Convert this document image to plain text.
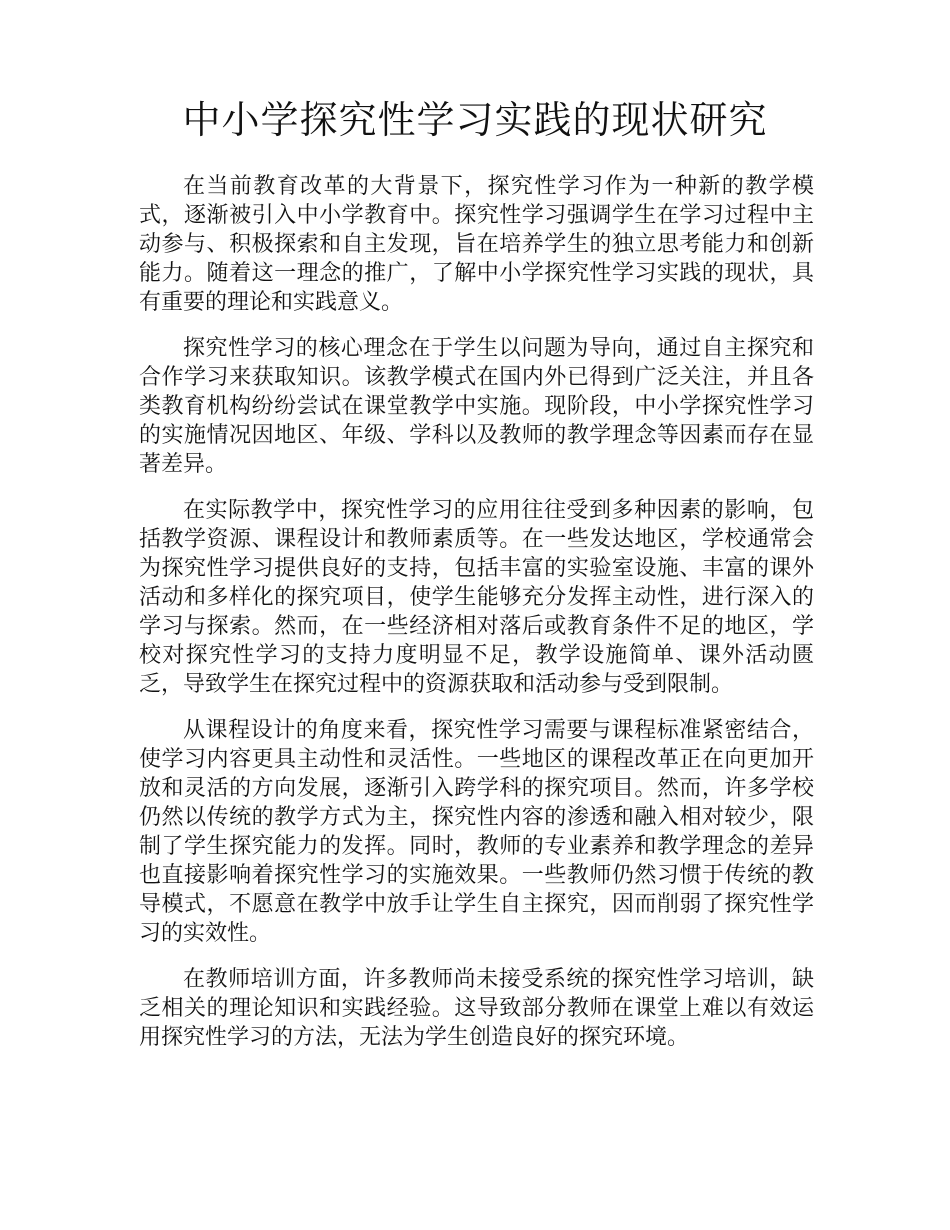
中小学探究性学习实践的现状研究

在当前教育改革的大背景下，探究性学习作为一种新的教学模式，逐渐被引入中小学教育中。探究性学习强调学生在学习过程中主动参与、积极探索和自主发现，旨在培养学生的独立思考能力和创新能力。随着这一理念的推广，了解中小学探究性学习实践的现状，具有重要的理论和实践意义。

探究性学习的核心理念在于学生以问题为导向，通过自主探究和合作学习来获取知识。该教学模式在国内外已得到广泛关注，并且各类教育机构纷纷尝试在课堂教学中实施。现阶段，中小学探究性学习的实施情况因地区、年级、学科以及教师的教学理念等因素而存在显著差异。

在实际教学中，探究性学习的应用往往受到多种因素的影响，包括教学资源、课程设计和教师素质等。在一些发达地区，学校通常会为探究性学习提供良好的支持，包括丰富的实验室设施、丰富的课外活动和多样化的探究项目，使学生能够充分发挥主动性，进行深入的学习与探索。然而，在一些经济相对落后或教育条件不足的地区，学校对探究性学习的支持力度明显不足，教学设施简单、课外活动匮乏，导致学生在探究过程中的资源获取和活动参与受到限制。

从课程设计的角度来看，探究性学习需要与课程标准紧密结合，使学习内容更具主动性和灵活性。一些地区的课程改革正在向更加开放和灵活的方向发展，逐渐引入跨学科的探究项目。然而，许多学校仍然以传统的教学方式为主，探究性内容的渗透和融入相对较少，限制了学生探究能力的发挥。同时，教师的专业素养和教学理念的差异也直接影响着探究性学习的实施效果。一些教师仍然习惯于传统的教导模式，不愿意在教学中放手让学生自主探究，因而削弱了探究性学习的实效性。

在教师培训方面，许多教师尚未接受系统的探究性学习培训，缺乏相关的理论知识和实践经验。这导致部分教师在课堂上难以有效运用探究性学习的方法，无法为学生创造良好的探究环境。
